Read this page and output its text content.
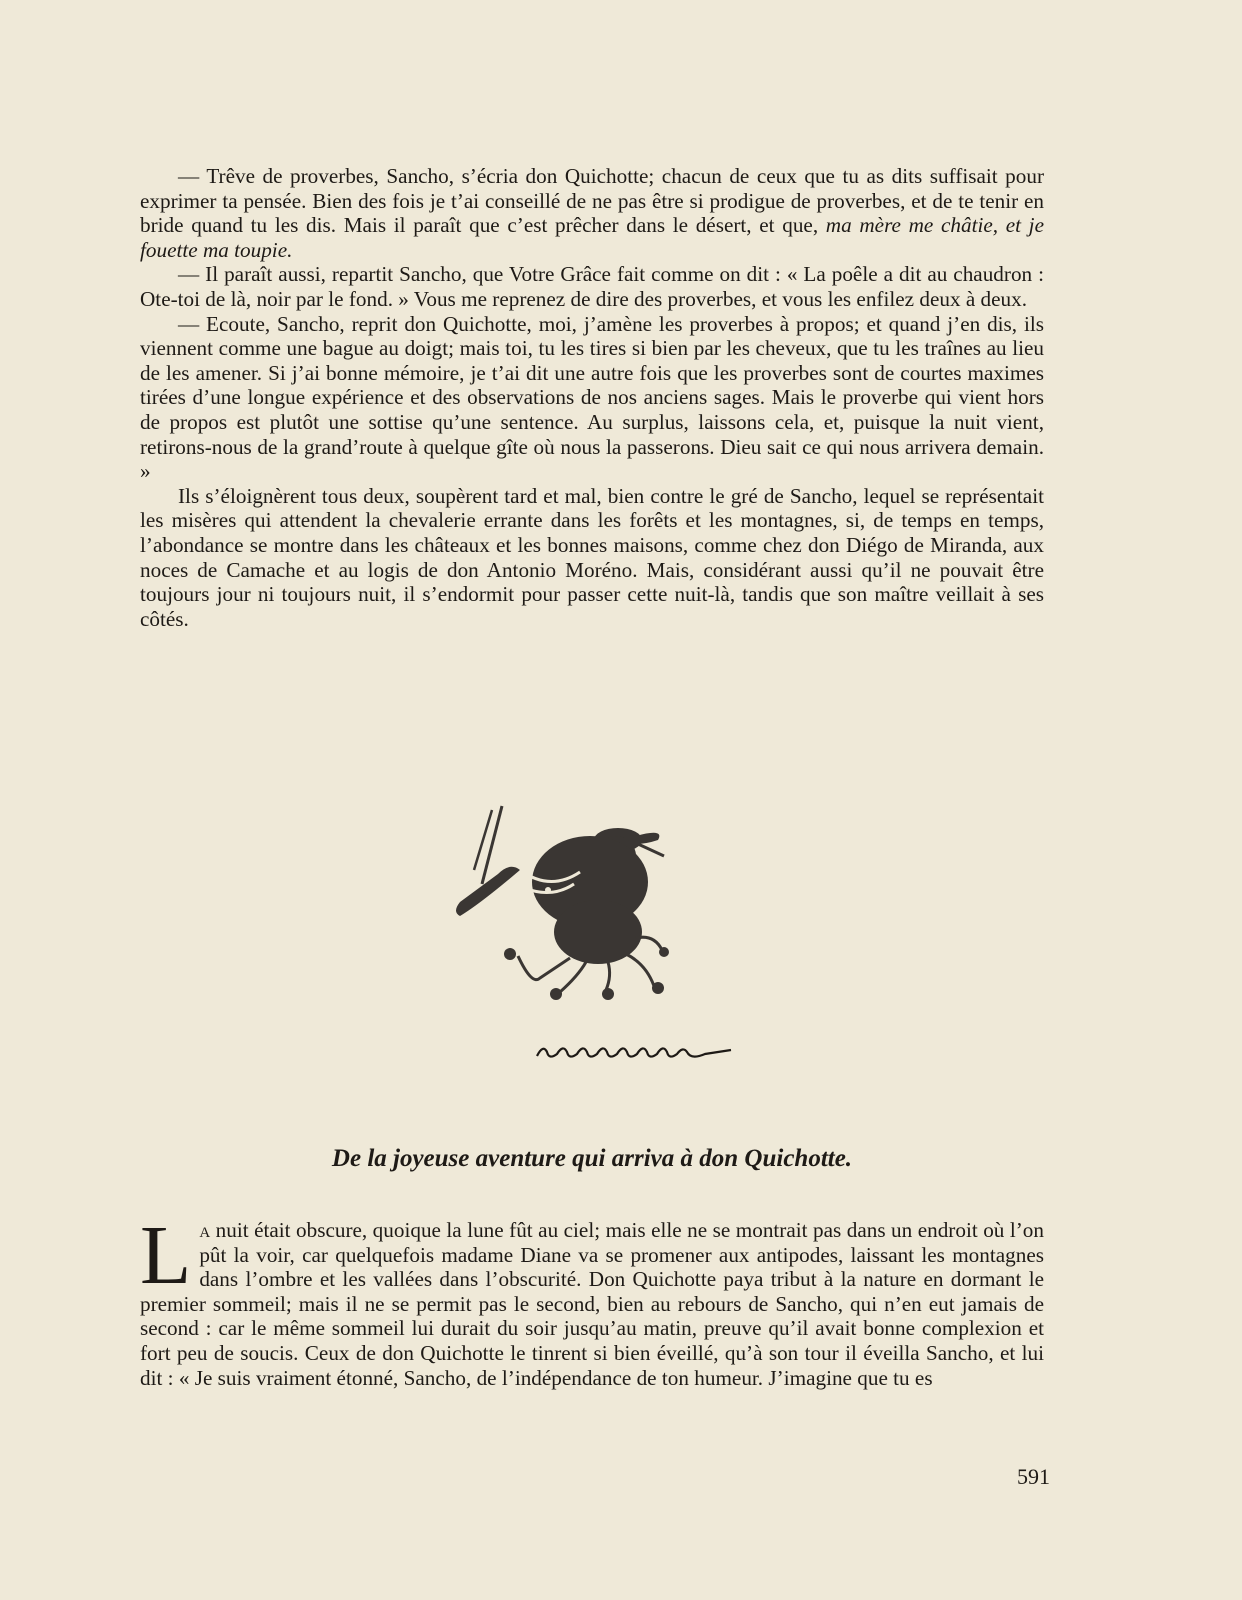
— Trêve de proverbes, Sancho, s’écria don Quichotte; chacun de ceux que tu as dits suffisait pour exprimer ta pensée. Bien des fois je t’ai conseillé de ne pas être si prodigue de proverbes, et de te tenir en bride quand tu les dis. Mais il paraît que c’est prêcher dans le désert, et que, ma mère me châtie, et je fouette ma toupie.

— Il paraît aussi, repartit Sancho, que Votre Grâce fait comme on dit : « La poêle a dit au chaudron : Ote-toi de là, noir par le fond. » Vous me reprenez de dire des proverbes, et vous les enfilez deux à deux.

— Ecoute, Sancho, reprit don Quichotte, moi, j’amène les proverbes à propos; et quand j’en dis, ils viennent comme une bague au doigt; mais toi, tu les tires si bien par les cheveux, que tu les traînes au lieu de les amener. Si j’ai bonne mémoire, je t’ai dit une autre fois que les proverbes sont de courtes maximes tirées d’une longue expérience et des observations de nos anciens sages. Mais le proverbe qui vient hors de propos est plutôt une sottise qu’une sentence. Au surplus, laissons cela, et, puisque la nuit vient, retirons-nous de la grand’route à quelque gîte où nous la passerons. Dieu sait ce qui nous arrivera demain. »

Ils s’éloignèrent tous deux, soupèrent tard et mal, bien contre le gré de Sancho, lequel se représentait les misères qui attendent la chevalerie errante dans les forêts et les montagnes, si, de temps en temps, l’abondance se montre dans les châteaux et les bonnes maisons, comme chez don Diégo de Miranda, aux noces de Camache et au logis de don Antonio Moréno. Mais, considérant aussi qu’il ne pouvait être toujours jour ni toujours nuit, il s’endormit pour passer cette nuit-là, tandis que son maître veillait à ses côtés.

De la joyeuse aventure qui arriva à don Quichotte.

La nuit était obscure, quoique la lune fût au ciel; mais elle ne se montrait pas dans un endroit où l’on pût la voir, car quelquefois madame Diane va se promener aux antipodes, laissant les montagnes dans l’ombre et les vallées dans l’obscurité. Don Quichotte paya tribut à la nature en dormant le premier sommeil; mais il ne se permit pas le second, bien au rebours de Sancho, qui n’en eut jamais de second : car le même sommeil lui durait du soir jusqu’au matin, preuve qu’il avait bonne complexion et fort peu de soucis. Ceux de don Quichotte le tinrent si bien éveillé, qu’à son tour il éveilla Sancho, et lui dit : « Je suis vraiment étonné, Sancho, de l’indépendance de ton humeur. J’imagine que tu es

591
